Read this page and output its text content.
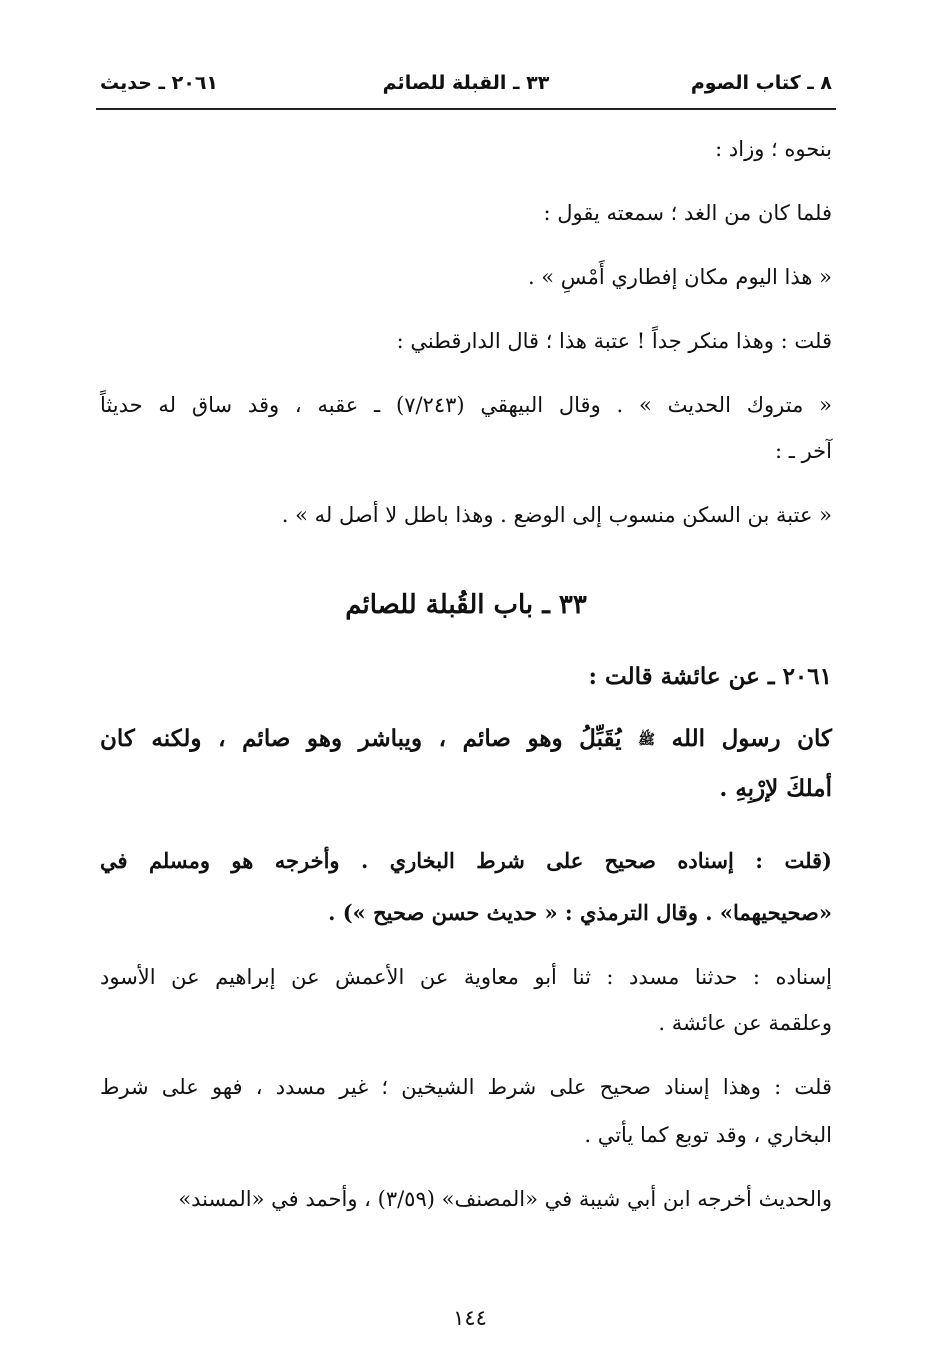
٨ ـ كتاب الصوم
٣٣ ـ القبلة للصائم
٢٠٦١ ـ حديث
بنحوه ؛ وزاد :
فلما كان من الغد ؛ سمعته يقول :
« هذا اليوم مكان إفطاري أَمْسِ » .
قلت : وهذا منكر جداً ! عتبة هذا ؛ قال الدارقطني :
« متروك الحديث » . وقال البيهقي (٧/٢٤٣) ـ عقبه ، وقد ساق له حديثاً
آخر ـ :
« عتبة بن السكن منسوب إلى الوضع . وهذا باطل لا أصل له » .
٣٣ ـ باب القُبلة للصائم
٢٠٦١ ـ عن عائشة قالت :
كان رسول الله ﷺ يُقَبِّلُ وهو صائم ، ويباشر وهو صائم ، ولكنه كان
أملكَ لإرْبِهِ .
(قلت : إسناده صحيح على شرط البخاري . وأخرجه هو ومسلم في
«صحيحيهما» . وقال الترمذي : « حديث حسن صحيح ») .
إسناده : حدثنا مسدد : ثنا أبو معاوية عن الأعمش عن إبراهيم عن الأسود
وعلقمة عن عائشة .
قلت : وهذا إسناد صحيح على شرط الشيخين ؛ غير مسدد ، فهو على شرط
البخاري ، وقد توبع كما يأتي .
والحديث أخرجه ابن أبي شيبة في «المصنف» (٣/٥٩) ، وأحمد في «المسند»
١٤٤
